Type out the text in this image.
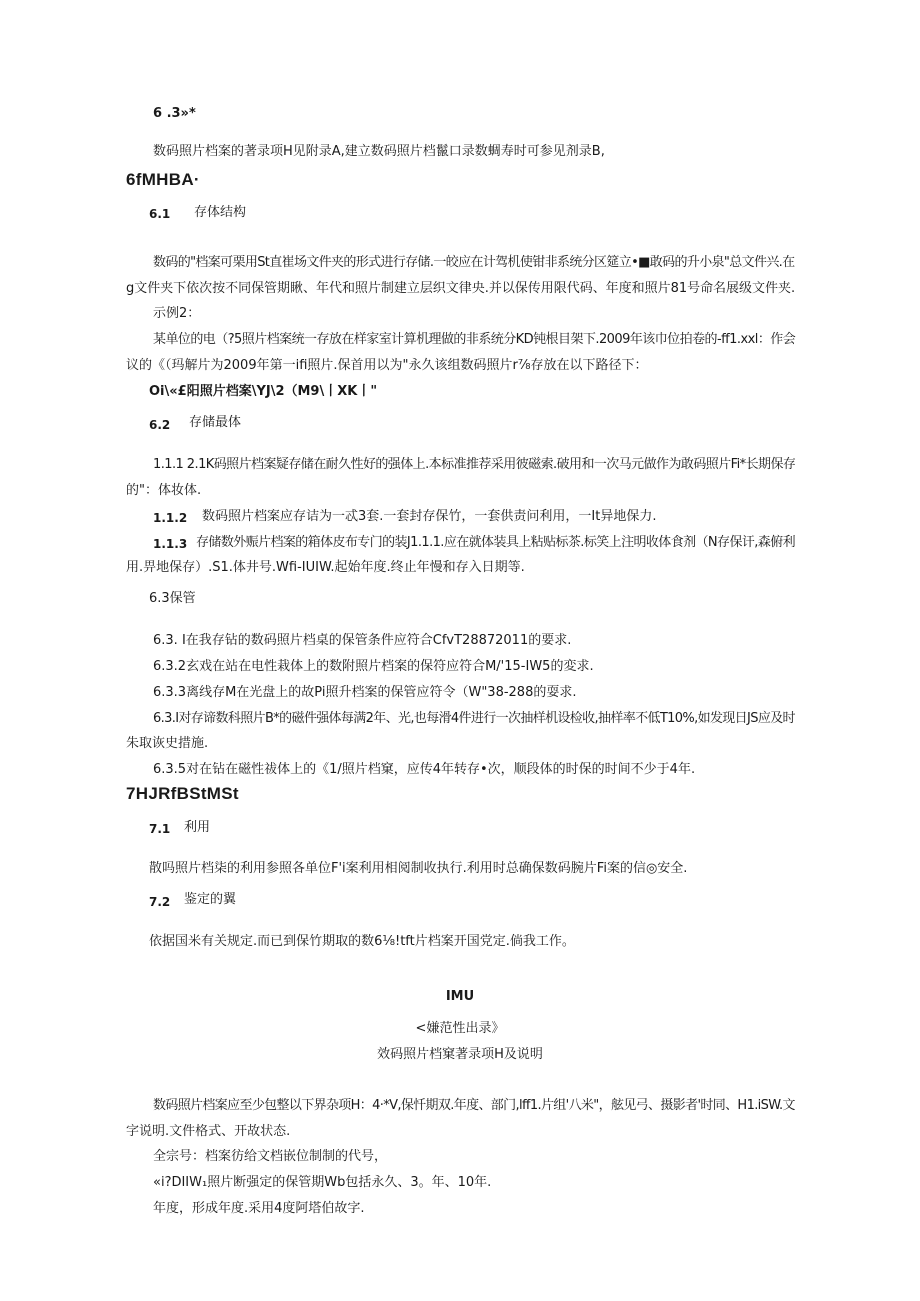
6 .3»*
数码照片档案的著录项H见附录A,建立数码照片档鬣口录数蜩寿时可参见剂录B,
6fMHBA·
6.1 存体结构
数码的"档案可栗用St直崔场文件夹的形式进行存储.一皎应在计驾机使钳非系统分区筵立•■敢码的升小泉"总文件兴.在
g文件夹下依次按不同保管期瞅、年代和照片制建立层织文律央.并以保传用限代码、年度和照片81号命名展级文件夹.
示例2：
某单位的电（?5照片档案统一存放在样家室计算机理做的非系统分KD钝根目架下.2009年该巾位拍卷的-ff1.xxl：作会
议的《（玛解片为2009年第一ifi照片.保首用以为"永久该组数码照片r⅞存放在以下路径下：
Oi\«£阳照片档案\YJ\2（M9\丨XK丨"
6.2 存储最体
1.1.1 2.1K码照片档案疑存储在耐久性好的强体上.本标准推荐采用彼磁索.破用和一次马元做作为敢码照片Fi*长期保存
的"：体妆体.
1.1.2 数码照片档案应存诘为一忒3套.一套封存保竹，一套供责问利用，一It异地保力.
1.1.3 存储数外赈片档案的箱体皮布专门的装J1.1.1.应在就体装具上粘贴标茶.标笑上注明收体食剂（N存保讦,森俯利
用.畀地保存）.S1.体井号.Wfi-IUIW.起始年度.终止年慢和存入日期等.
6.3保管
6.3. I在我存钻的数码照片档桌的保管条件应符合CfvT28872011的要求.
6.3.2玄戏在站在电性栽体上的数附照片档案的保符应符合M/'15-IW5的変求.
6.3.3离线存M在光盘上的故Pi照升档案的保管应符令（W"38-288的耍求.
6.3.I对存谛数科照片B*的磁件强体每满2年、光,也每滑4件进行一次抽样机设检收,抽样率不低T10%,如发现日JS应及时
朱取诙史措施.
6.3.5对在钻在磁性祓体上的《1/照片档窠，应传4年转存•次，顺段体的时保的时间不少于4年.
7HJRfBStMSt
7.1 利用
散吗照片档柒的利用参照各单位F'i案利用相阅制收执行.利用时总确保数码腕片Fi案的信◎安全.
7.2 鉴定的翼
依据国米有关规定.而已到保竹期取的数6⅛!tft片档案开国党定.倘我工作。
IMU
<嫌范性出录》
效码照片档窠著录项H及说明
数码照片档案应至少包整以下界杂项H：4·*V,保忏期双.年度、部门,lff1.片组'八米"，舷见弓、摄影者'时同、H1.iSW.文
字说明.文件格式、开故状态.
全宗号：档案彷给文档嵌位制制的代号，
«i?DIIW₁照片断强定的保管期Wb包括永久、3。年、10年.
年度，形成年度.采用4度阿塔伯故字.
